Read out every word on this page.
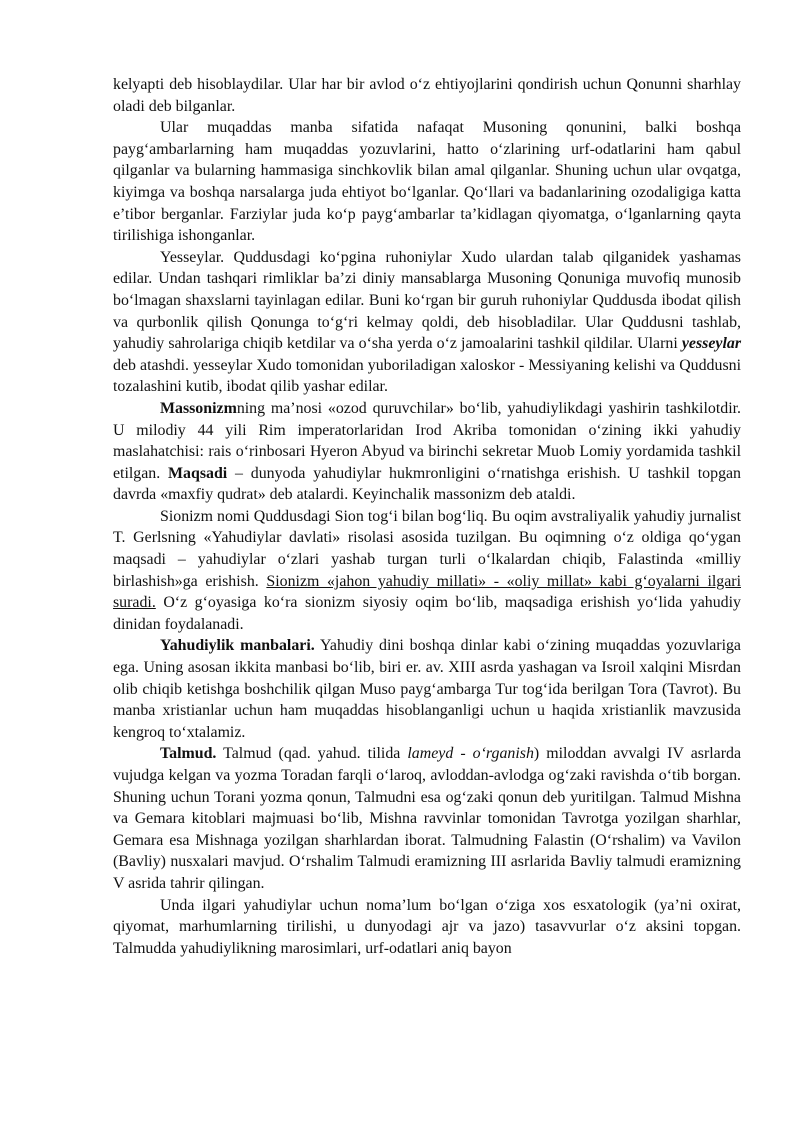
kelyapti deb hisoblaydilar. Ular har bir avlod o‘z ehtiyojlarini qondirish uchun Qonunni sharhlay oladi deb bilganlar.

Ular muqaddas manba sifatida nafaqat Musoning qonunini, balki boshqa payg‘ambarlarning ham muqaddas yozuvlarini, hatto o‘zlarining urf-odatlarini ham qabul qilganlar va bularning hammasiga sinchkovlik bilan amal qilganlar. Shuning uchun ular ovqatga, kiyimga va boshqa narsalarga juda ehtiyot bo‘lganlar. Qo‘llari va badanlarining ozodaligiga katta e’tibor berganlar. Farziylar juda ko‘p payg‘ambarlar ta’kidlagan qiyomatga, o‘lganlarning qayta tirilishiga ishonganlar.

Yesseylar. Quddusdagi ko‘pgina ruhoniylar Xudo ulardan talab qilganidek yashamas edilar. Undan tashqari rimliklar ba’zi diniy mansablarga Musoning Qonuniga muvofiq munosib bo‘lmagan shaxslarni tayinlagan edilar. Buni ko‘rgan bir guruh ruhoniylar Quddusda ibodat qilish va qurbonlik qilish Qonunga to‘g‘ri kelmay qoldi, deb hisobladilar. Ular Quddusni tashlab, yahudiy sahrolariga chiqib ketdilar va o‘sha yerda o‘z jamoalarini tashkil qildilar. Ularni yesseylar deb atashdi. yesseylar Xudo tomonidan yuboriladigan xaloskor - Messiyaning kelishi va Quddusni tozalashini kutib, ibodat qilib yashar edilar.

Massonizmning ma’nosi «ozod quruvchilar» bo‘lib, yahudiylikdagi yashirin tashkilotdir. U milodiy 44 yili Rim imperatorlaridan Irod Akriba tomonidan o‘zining ikki yahudiy maslahatchisi: rais o‘rinbosari Hyeron Abyud va birinchi sekretar Muob Lomiy yordamida tashkil etilgan. Maqsadi – dunyoda yahudiylar hukmronligini o‘rnatishga erishish. U tashkil topgan davrda «maxfiy qudrat» deb atalardi. Keyinchalik massonizm deb ataldi.

Sionizm nomi Quddusdagi Sion tog‘i bilan bog‘liq. Bu oqim avstraliyalik yahudiy jurnalist T. Gerlsning «Yahudiylar davlati» risolasi asosida tuzilgan. Bu oqimning o‘z oldiga qo‘ygan maqsadi – yahudiylar o‘zlari yashab turgan turli o‘lkalardan chiqib, Falastinda «milliy birlashish»ga erishish. Sionizm «jahon yahudiy millati» - «oliy millat» kabi g‘oyalarni ilgari suradi. O‘z g‘oyasiga ko‘ra sionizm siyosiy oqim bo‘lib, maqsadiga erishish yo‘lida yahudiy dinidan foydalanadi.

Yahudiylik manbalari. Yahudiy dini boshqa dinlar kabi o‘zining muqaddas yozuvlariga ega. Uning asosan ikkita manbasi bo‘lib, biri er. av. XIII asrda yashagan va Isroil xalqini Misrdan olib chiqib ketishga boshchilik qilgan Muso payg‘ambarga Tur tog‘ida berilgan Tora (Tavrot). Bu manba xristianlar uchun ham muqaddas hisoblanganligi uchun u haqida xristianlik mavzusida kengroq to‘xtalamiz.

Talmud. Talmud (qad. yahud. tilida lameyd - o‘rganish) miloddan avvalgi IV asrlarda vujudga kelgan va yozma Toradan farqli o‘laroq, avloddan-avlodga og‘zaki ravishda o‘tib borgan. Shuning uchun Torani yozma qonun, Talmudni esa og‘zaki qonun deb yuritilgan. Talmud Mishna va Gemara kitoblari majmuasi bo‘lib, Mishna ravvinlar tomonidan Tavrotga yozilgan sharhlar, Gemara esa Mishnaga yozilgan sharhlardan iborat. Talmudning Falastin (O‘rshalim) va Vavilon (Bavliy) nusxalari mavjud. O‘rshalim Talmudi eramizning III asrlarida Bavliy talmudi eramizning V asrida tahrir qilingan.

Unda ilgari yahudiylar uchun noma’lum bo‘lgan o‘ziga xos esxatologik (ya’ni oxirat, qiyomat, marhumlarning tirilishi, u dunyodagi ajr va jazo) tasavvurlar o‘z aksini topgan. Talmudda yahudiylikning marosimlari, urf-odatlari aniq bayon
